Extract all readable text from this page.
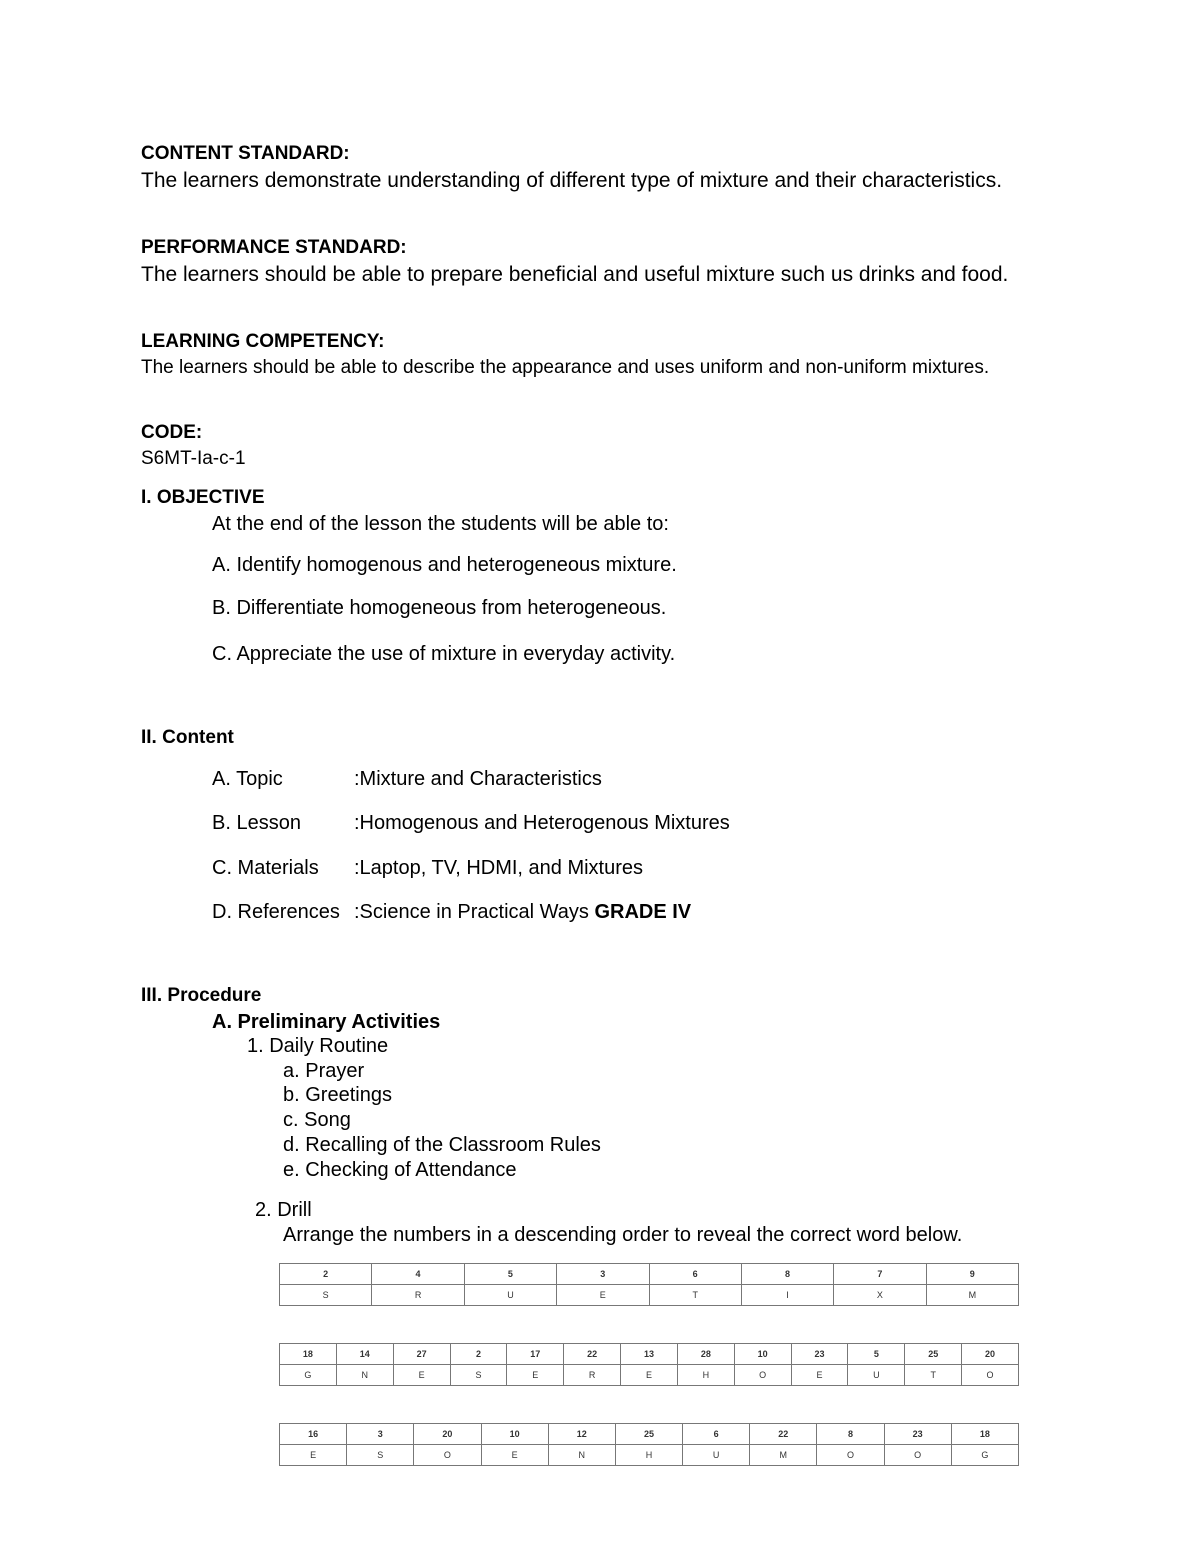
CONTENT STANDARD:
The learners demonstrate understanding of different type of mixture and their characteristics.
PERFORMANCE STANDARD:
The learners should be able to prepare beneficial and useful mixture such us drinks and food.
LEARNING COMPETENCY:
The learners should be able to describe the appearance and uses uniform and non-uniform mixtures.
CODE:
S6MT-Ia-c-1
I. OBJECTIVE
At the end of the lesson the students will be able to:
A. Identify homogenous and heterogeneous mixture.
B. Differentiate homogeneous from heterogeneous.
C. Appreciate the use of mixture in everyday activity.
II. Content
A. Topic	:Mixture and Characteristics
B. Lesson	:Homogenous and Heterogenous Mixtures
C. Materials :Laptop, TV, HDMI, and Mixtures
D. References :Science in Practical Ways GRADE IV
III. Procedure
A. Preliminary Activities
1. Daily Routine
a. Prayer
b. Greetings
c. Song
d. Recalling of the Classroom Rules
e. Checking of Attendance
2. Drill
Arrange the numbers in a descending order to reveal the correct word below.
2	4	5	3	6	8	7	9
S	R	U	E	T	I	X	M
18	14	27	2	17	22	13	28	10	23	5	25	20
G	N	E	S	E	R	E	H	O	E	U	T	O
16	3	20	10	12	25	6	22	8	23	18
E	S	O	E	N	H	U	M	O	O	G
